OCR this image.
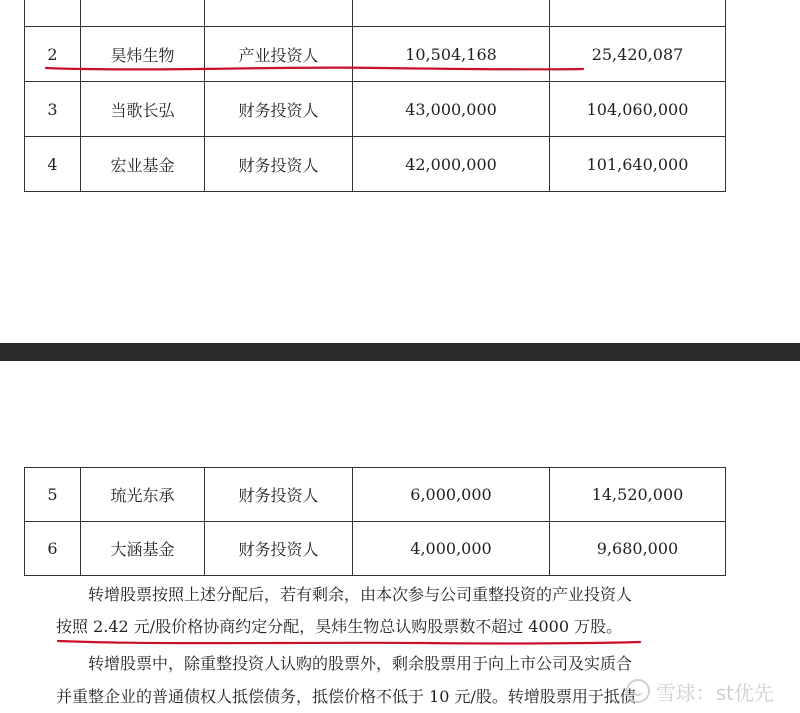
2	昊炜生物	产业投资人	10,504,168	25,420,087
3	当歌长弘	财务投资人	43,000,000	104,060,000
4	宏业基金	财务投资人	42,000,000	101,640,000
5	琉光东承	财务投资人	6,000,000	14,520,000
6	大涵基金	财务投资人	4,000,000	9,680,000
转增股票按照上述分配后，若有剩余，由本次参与公司重整投资的产业投资人
按照 2.42 元/股价格协商约定分配，昊炜生物总认购股票数不超过 4000 万股。
转增股票中，除重整投资人认购的股票外，剩余股票用于向上市公司及实质合
并重整企业的普通债权人抵偿债务，抵偿价格不低于 10 元/股。转增股票用于抵债 雪球：st优先
